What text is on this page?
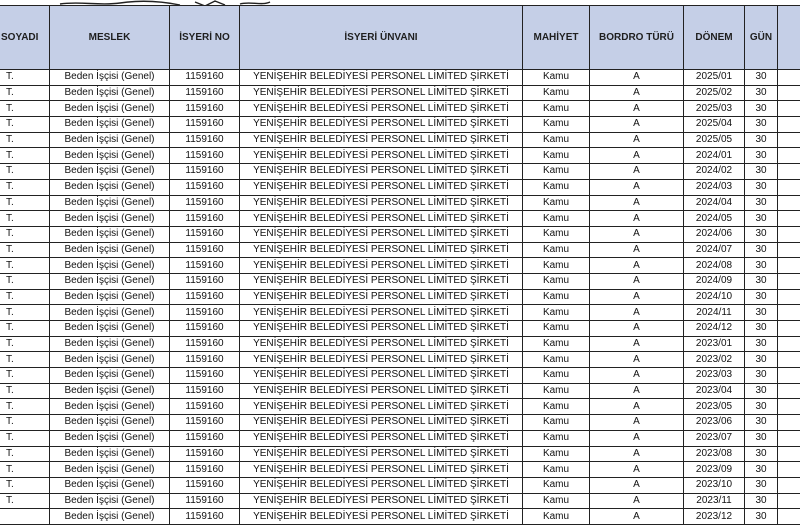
SOYADI	MESLEK	İSYERİ NO	İSYERİ ÜNVANI	MAHİYET	BORDRO TÜRÜ	DÖNEM	GÜN	
T.	Beden İşçisi (Genel)	1159160	YENİŞEHİR BELEDİYESİ PERSONEL LİMİTED ŞİRKETİ	Kamu	A	2025/01	30	
T.	Beden İşçisi (Genel)	1159160	YENİŞEHİR BELEDİYESİ PERSONEL LİMİTED ŞİRKETİ	Kamu	A	2025/02	30	
T.	Beden İşçisi (Genel)	1159160	YENİŞEHİR BELEDİYESİ PERSONEL LİMİTED ŞİRKETİ	Kamu	A	2025/03	30	
T.	Beden İşçisi (Genel)	1159160	YENİŞEHİR BELEDİYESİ PERSONEL LİMİTED ŞİRKETİ	Kamu	A	2025/04	30	
T.	Beden İşçisi (Genel)	1159160	YENİŞEHİR BELEDİYESİ PERSONEL LİMİTED ŞİRKETİ	Kamu	A	2025/05	30	
T.	Beden İşçisi (Genel)	1159160	YENİŞEHİR BELEDİYESİ PERSONEL LİMİTED ŞİRKETİ	Kamu	A	2024/01	30	
T.	Beden İşçisi (Genel)	1159160	YENİŞEHİR BELEDİYESİ PERSONEL LİMİTED ŞİRKETİ	Kamu	A	2024/02	30	
T.	Beden İşçisi (Genel)	1159160	YENİŞEHİR BELEDİYESİ PERSONEL LİMİTED ŞİRKETİ	Kamu	A	2024/03	30	
T.	Beden İşçisi (Genel)	1159160	YENİŞEHİR BELEDİYESİ PERSONEL LİMİTED ŞİRKETİ	Kamu	A	2024/04	30	
T.	Beden İşçisi (Genel)	1159160	YENİŞEHİR BELEDİYESİ PERSONEL LİMİTED ŞİRKETİ	Kamu	A	2024/05	30	
T.	Beden İşçisi (Genel)	1159160	YENİŞEHİR BELEDİYESİ PERSONEL LİMİTED ŞİRKETİ	Kamu	A	2024/06	30	
T.	Beden İşçisi (Genel)	1159160	YENİŞEHİR BELEDİYESİ PERSONEL LİMİTED ŞİRKETİ	Kamu	A	2024/07	30	
T.	Beden İşçisi (Genel)	1159160	YENİŞEHİR BELEDİYESİ PERSONEL LİMİTED ŞİRKETİ	Kamu	A	2024/08	30	
T.	Beden İşçisi (Genel)	1159160	YENİŞEHİR BELEDİYESİ PERSONEL LİMİTED ŞİRKETİ	Kamu	A	2024/09	30	
T.	Beden İşçisi (Genel)	1159160	YENİŞEHİR BELEDİYESİ PERSONEL LİMİTED ŞİRKETİ	Kamu	A	2024/10	30	
T.	Beden İşçisi (Genel)	1159160	YENİŞEHİR BELEDİYESİ PERSONEL LİMİTED ŞİRKETİ	Kamu	A	2024/11	30	
T.	Beden İşçisi (Genel)	1159160	YENİŞEHİR BELEDİYESİ PERSONEL LİMİTED ŞİRKETİ	Kamu	A	2024/12	30	
T.	Beden İşçisi (Genel)	1159160	YENİŞEHİR BELEDİYESİ PERSONEL LİMİTED ŞİRKETİ	Kamu	A	2023/01	30	
T.	Beden İşçisi (Genel)	1159160	YENİŞEHİR BELEDİYESİ PERSONEL LİMİTED ŞİRKETİ	Kamu	A	2023/02	30	
T.	Beden İşçisi (Genel)	1159160	YENİŞEHİR BELEDİYESİ PERSONEL LİMİTED ŞİRKETİ	Kamu	A	2023/03	30	
T.	Beden İşçisi (Genel)	1159160	YENİŞEHİR BELEDİYESİ PERSONEL LİMİTED ŞİRKETİ	Kamu	A	2023/04	30	
T.	Beden İşçisi (Genel)	1159160	YENİŞEHİR BELEDİYESİ PERSONEL LİMİTED ŞİRKETİ	Kamu	A	2023/05	30	
T.	Beden İşçisi (Genel)	1159160	YENİŞEHİR BELEDİYESİ PERSONEL LİMİTED ŞİRKETİ	Kamu	A	2023/06	30	
T.	Beden İşçisi (Genel)	1159160	YENİŞEHİR BELEDİYESİ PERSONEL LİMİTED ŞİRKETİ	Kamu	A	2023/07	30	
T.	Beden İşçisi (Genel)	1159160	YENİŞEHİR BELEDİYESİ PERSONEL LİMİTED ŞİRKETİ	Kamu	A	2023/08	30	
T.	Beden İşçisi (Genel)	1159160	YENİŞEHİR BELEDİYESİ PERSONEL LİMİTED ŞİRKETİ	Kamu	A	2023/09	30	
T.	Beden İşçisi (Genel)	1159160	YENİŞEHİR BELEDİYESİ PERSONEL LİMİTED ŞİRKETİ	Kamu	A	2023/10	30	
T.	Beden İşçisi (Genel)	1159160	YENİŞEHİR BELEDİYESİ PERSONEL LİMİTED ŞİRKETİ	Kamu	A	2023/11	30	
	Beden İşçisi (Genel)	1159160	YENİŞEHİR BELEDİYESİ PERSONEL LİMİTED ŞİRKETİ	Kamu	A	2023/12	30	
